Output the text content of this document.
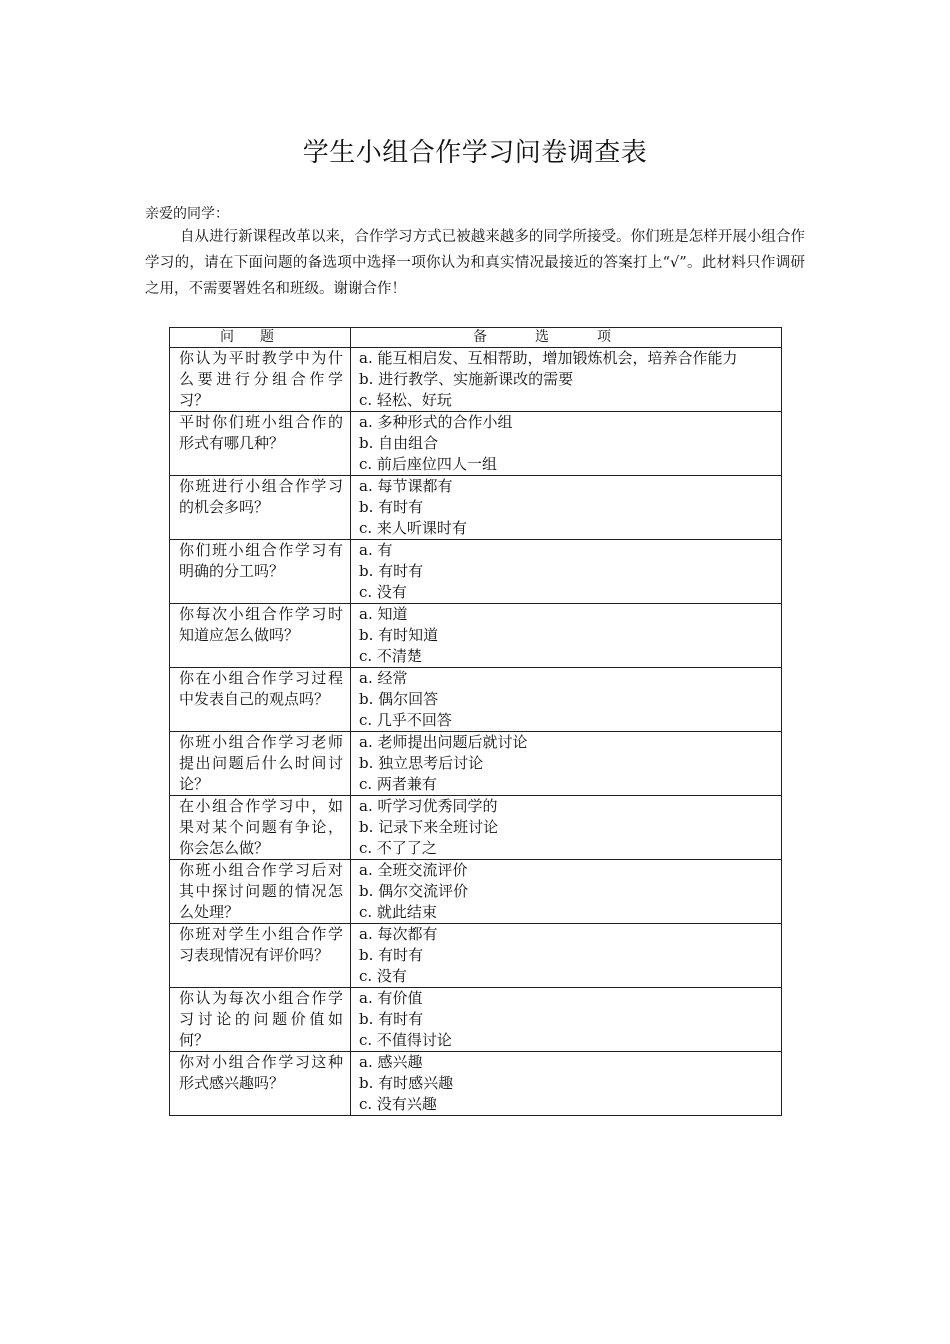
学生小组合作学习问卷调查表
亲爱的同学：

自从进行新课程改革以来，合作学习方式已被越来越多的同学所接受。你们班是怎样开展小组合作学习的，请在下面问题的备选项中选择一项你认为和真实情况最接近的答案打上“√”。此材料只作调研之用，不需要署姓名和班级。谢谢合作！

问题	备选项
你认为平时教学中为什么要进行分组合作学习？	a. 能互相启发、互相帮助，增加锻炼机会，培养合作能力
b. 进行教学、实施新课改的需要
c. 轻松、好玩

平时你们班小组合作的形式有哪几种？	a. 多种形式的合作小组
b. 自由组合
c. 前后座位四人一组

你班进行小组合作学习的机会多吗？	a. 每节课都有
b. 有时有
c. 来人听课时有

你们班小组合作学习有明确的分工吗？	a. 有
b. 有时有
c. 没有

你每次小组合作学习时知道应怎么做吗？	a. 知道
b. 有时知道
c. 不清楚

你在小组合作学习过程中发表自己的观点吗？	a. 经常
b. 偶尔回答
c. 几乎不回答

你班小组合作学习老师提出问题后什么时间讨论？	a. 老师提出问题后就讨论
b. 独立思考后讨论
c. 两者兼有

在小组合作学习中，如果对某个问题有争论，你会怎么做？	a. 听学习优秀同学的
b. 记录下来全班讨论
c. 不了了之

你班小组合作学习后对其中探讨问题的情况怎么处理？	a. 全班交流评价
b. 偶尔交流评价
c. 就此结束

你班对学生小组合作学习表现情况有评价吗？	a. 每次都有
b. 有时有
c. 没有

你认为每次小组合作学习讨论的问题价值如何？	a. 有价值
b. 有时有
c. 不值得讨论

你对小组合作学习这种形式感兴趣吗？	a. 感兴趣
b. 有时感兴趣
c. 没有兴趣
